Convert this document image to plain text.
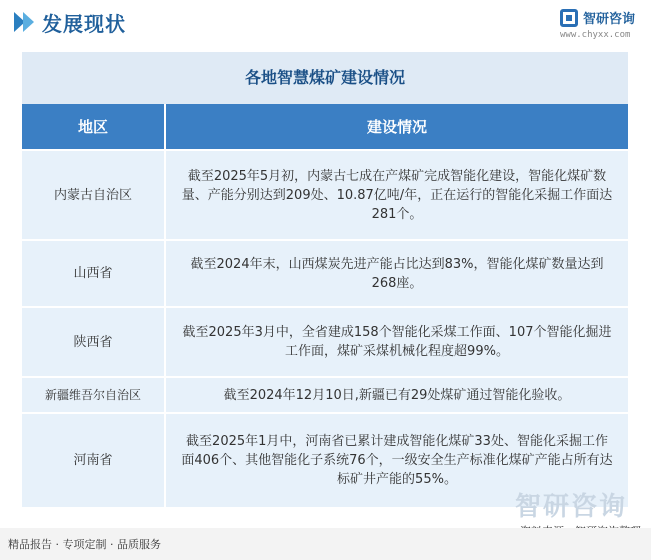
发展现状	智研咨询
www.chyxx.com
各地智慧煤矿建设情况
地区	建设情况
内蒙古自治区	截至2025年5月初，内蒙古七成在产煤矿完成智能化建设，智能化煤矿数量、产能分别达到209处、10.87亿吨/年，正在运行的智能化采掘工作面达281个。
山西省	截至2024年末，山西煤炭先进产能占比达到83%，智能化煤矿数量达到268座。
陕西省	截至2025年3月中，全省建成158个智能化采煤工作面、107个智能化掘进工作面，煤矿采煤机械化程度超99%。
新疆维吾尔自治区	截至2024年12月10日,新疆已有29处煤矿通过智能化验收。
河南省	截至2025年1月中，河南省已累计建成智能化煤矿33处、智能化采掘工作面406个、其他智能化子系统76个，一级安全生产标准化煤矿产能占所有达标矿井产能的55%。
智研咨询
精品报告 · 专项定制 · 品质服务
